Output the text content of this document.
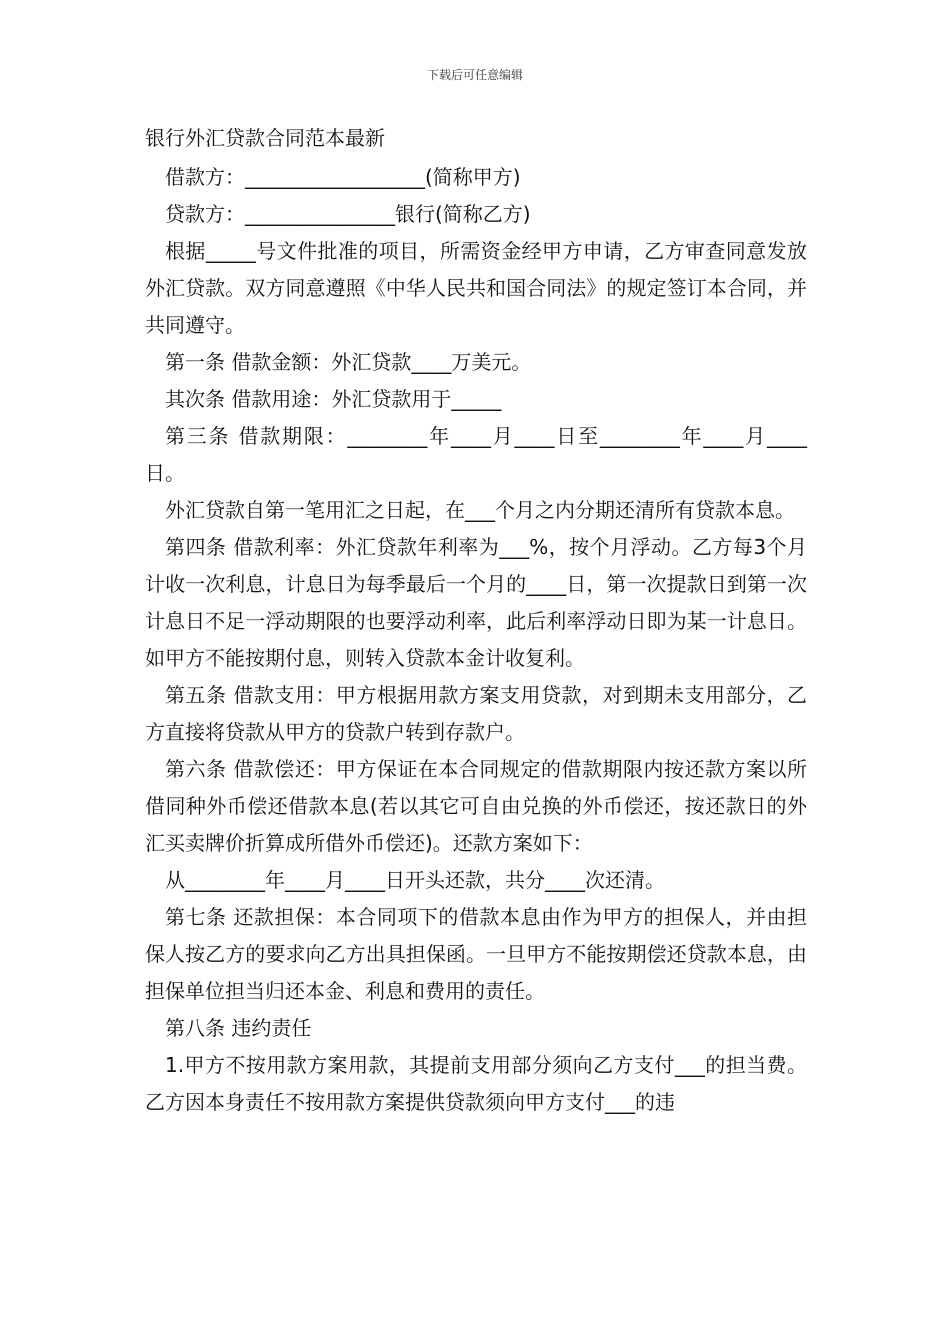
下载后可任意编辑
银行外汇贷款合同范本最新

借款方：__________________(简称甲方)

贷款方：_______________银行(简称乙方)

根据_____号文件批准的项目，所需资金经甲方申请，乙方审查同意发放外汇贷款。双方同意遵照《中华人民共和国合同法》的规定签订本合同，并共同遵守。

第一条 借款金额：外汇贷款____万美元。

其次条 借款用途：外汇贷款用于_____

第三条 借款期限：________年____月____日至________年____月____日。

外汇贷款自第一笔用汇之日起，在___个月之内分期还清所有贷款本息。

第四条 借款利率：外汇贷款年利率为___%，按个月浮动。乙方每3个月计收一次利息，计息日为每季最后一个月的____日，第一次提款日到第一次计息日不足一浮动期限的也要浮动利率，此后利率浮动日即为某一计息日。如甲方不能按期付息，则转入贷款本金计收复利。

第五条 借款支用：甲方根据用款方案支用贷款，对到期未支用部分，乙方直接将贷款从甲方的贷款户转到存款户。

第六条 借款偿还：甲方保证在本合同规定的借款期限内按还款方案以所借同种外币偿还借款本息(若以其它可自由兑换的外币偿还，按还款日的外汇买卖牌价折算成所借外币偿还)。还款方案如下：

从________年____月____日开头还款，共分____次还清。

第七条 还款担保：本合同项下的借款本息由作为甲方的担保人，并由担保人按乙方的要求向乙方出具担保函。一旦甲方不能按期偿还贷款本息，由担保单位担当归还本金、利息和费用的责任。

第八条 违约责任

1.甲方不按用款方案用款，其提前支用部分须向乙方支付___的担当费。乙方因本身责任不按用款方案提供贷款须向甲方支付___的违
